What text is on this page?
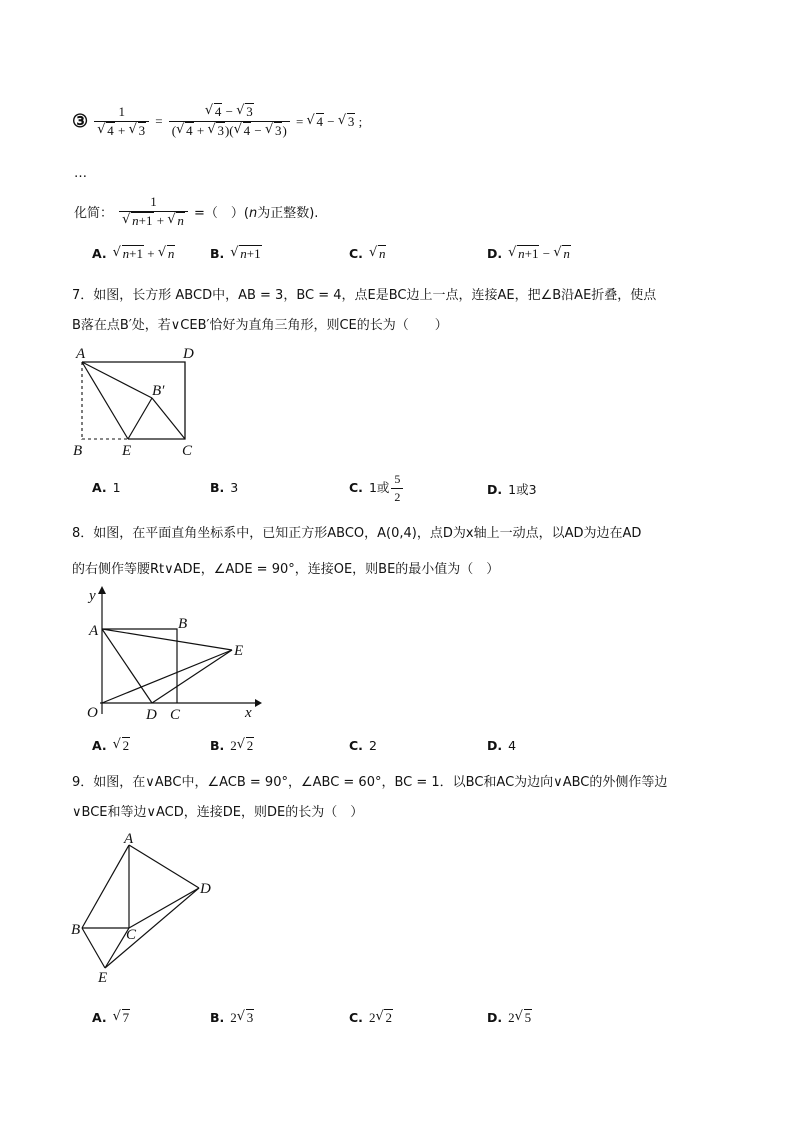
③ 1
√ 4 + √ 3 = √ $\frac{4 - √ 3}{( √ 4 + √ 3)( √ 4 - √ 3)}$ = √ 4 − √ 3 ;
…
化简： 1
√ n+1 + √ n =（　）(n为正整数).
A. √ n+1 + √ n	B. √ n+1	C. √ n	D. √ n+1 − √ n
7．如图，长方形 ABCD中，AB = 3，BC = 4，点E是BC边上一点，连接AE，把∠B沿AE折叠，使点
B落在点B′处，若∨CEB′恰好为直角三角形，则CE的长为（　　）
A	D
B′
B	E	C
A. 1	B. 3	C. 1或 $\frac{5}{2}$	D. 1或3
8．如图，在平面直角坐标系中，已知正方形ABCO，A(0,4)，点D为x轴上一动点，以AD为边在AD
的右侧作等腰Rt∨ADE，∠ADE = 90°，连接OE，则BE的最小值为（　）
y
A	B
E
O	D C	x
A. √ 2	B. 2 √ 2	C. 2	D. 4
9．如图，在∨ABC中，∠ACB = 90°，∠ABC = 60°，BC = 1．以BC和AC为边向∨ABC的外侧作等边
∨BCE和等边∨ACD，连接DE，则DE的长为（　）
A
D
B	C
E
A. √ 7	B. 2 √ 3	C. 2 √ 2	D. 2 √ 5
